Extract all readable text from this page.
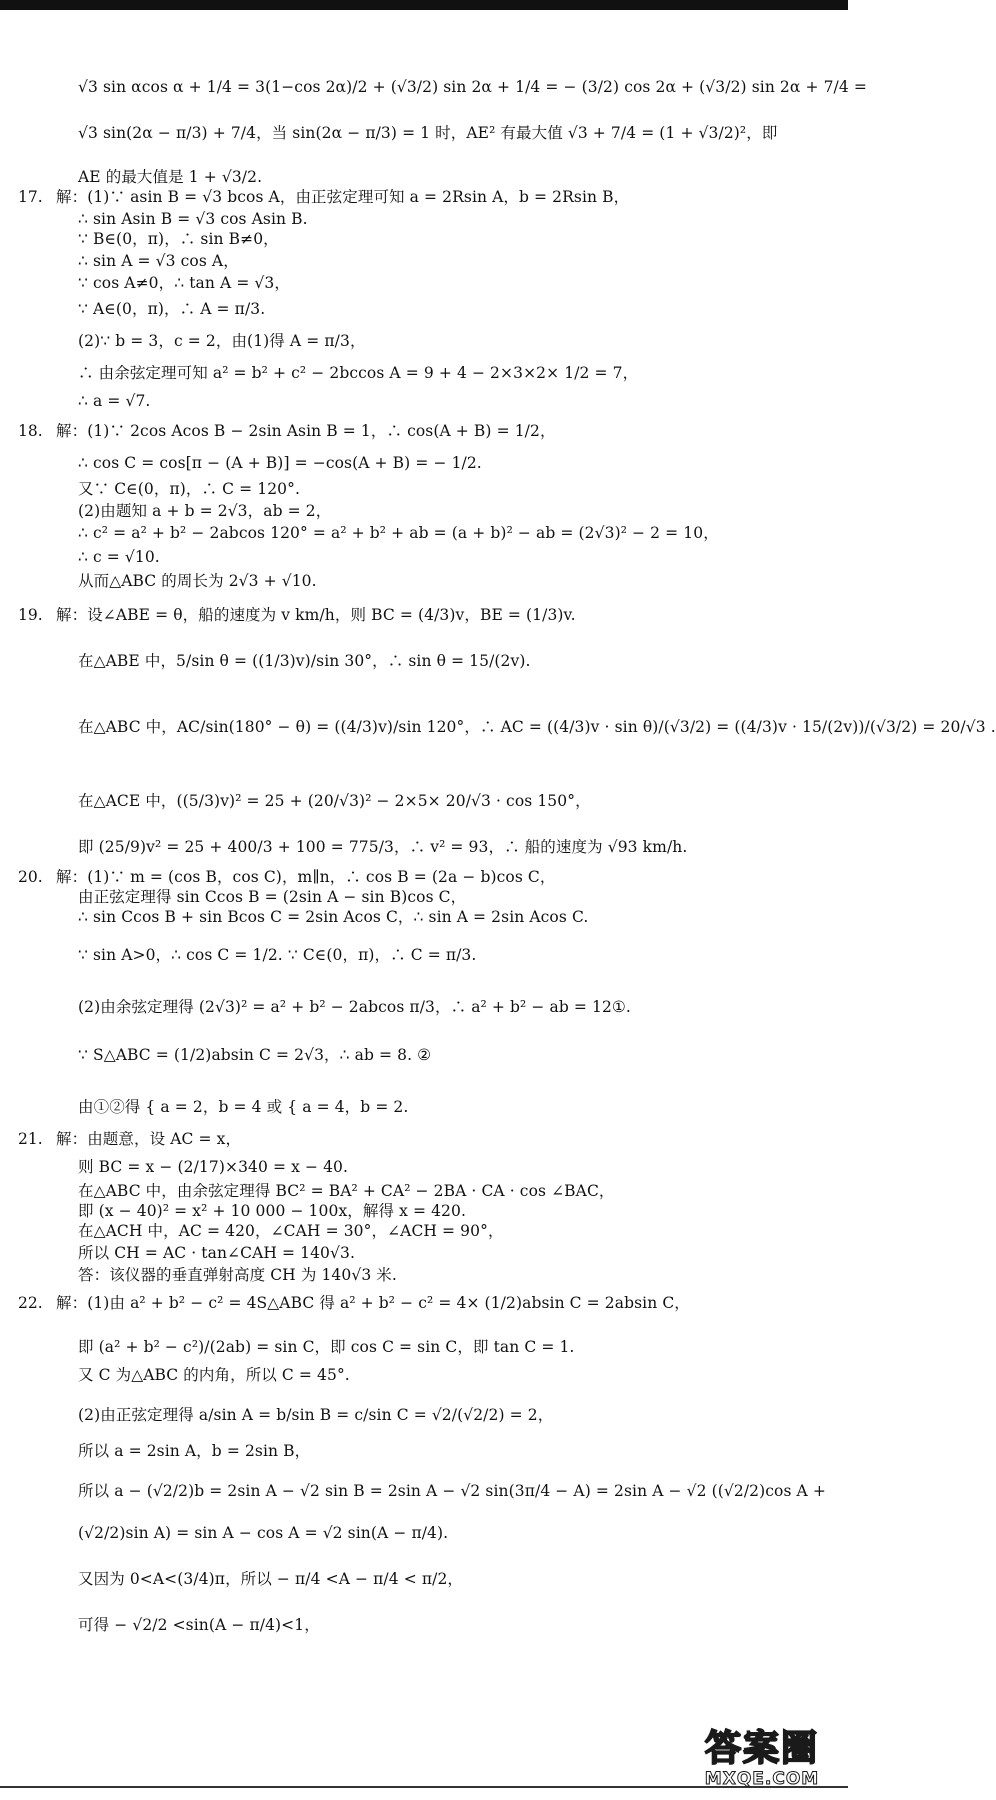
√3 sin αcos α + 1/4 = 3(1−cos 2α)/2 + (√3/2) sin 2α + 1/4 = − (3/2) cos 2α + (√3/2) sin 2α + 7/4 =
√3 sin(2α − π/3) + 7/4，当 sin(2α − π/3) = 1 时，AE² 有最大值 √3 + 7/4 = (1 + √3/2)²，即
AE 的最大值是 1 + √3/2.
17. 解：(1)∵ asin B = √3 bcos A，由正弦定理可知 a = 2Rsin A，b = 2Rsin B，
∴ sin Asin B = √3 cos Asin B.
∵ B∈(0，π)，∴ sin B≠0，
∴ sin A = √3 cos A，
∵ cos A≠0，∴ tan A = √3，
∵ A∈(0，π)，∴ A = π/3.
(2)∵ b = 3，c = 2，由(1)得 A = π/3，
∴ 由余弦定理可知 a² = b² + c² − 2bccos A = 9 + 4 − 2×3×2× 1/2 = 7，
∴ a = √7.
18. 解：(1)∵ 2cos Acos B − 2sin Asin B = 1，∴ cos(A + B) = 1/2，
∴ cos C = cos[π − (A + B)] = −cos(A + B) = − 1/2.
又∵ C∈(0，π)，∴ C = 120°.
(2)由题知 a + b = 2√3，ab = 2，
∴ c² = a² + b² − 2abcos 120° = a² + b² + ab = (a + b)² − ab = (2√3)² − 2 = 10，
∴ c = √10.
从而△ABC 的周长为 2√3 + √10.
19. 解：设∠ABE = θ，船的速度为 v km/h，则 BC = (4/3)v，BE = (1/3)v.
在△ABE 中，5/sin θ = ((1/3)v)/sin 30°，∴ sin θ = 15/(2v).
在△ABC 中，AC/sin(180° − θ) = ((4/3)v)/sin 120°，∴ AC = ((4/3)v · sin θ)/(√3/2) = ((4/3)v · 15/(2v))/(√3/2) = 20/√3 .
在△ACE 中，((5/3)v)² = 25 + (20/√3)² − 2×5× 20/√3 · cos 150°，
即 (25/9)v² = 25 + 400/3 + 100 = 775/3，∴ v² = 93，∴ 船的速度为 √93 km/h.
20. 解：(1)∵ m = (cos B，cos C)，m∥n，∴ cos B = (2a − b)cos C，
由正弦定理得 sin Ccos B = (2sin A − sin B)cos C，
∴ sin Ccos B + sin Bcos C = 2sin Acos C，∴ sin A = 2sin Acos C.
∵ sin A>0，∴ cos C = 1/2. ∵ C∈(0，π)，∴ C = π/3.
(2)由余弦定理得 (2√3)² = a² + b² − 2abcos π/3，∴ a² + b² − ab = 12①.
∵ S△ABC = (1/2)absin C = 2√3，∴ ab = 8. ②
由①②得 { a = 2，b = 4 或 { a = 4，b = 2.
21. 解：由题意，设 AC = x，
则 BC = x − (2/17)×340 = x − 40.
在△ABC 中，由余弦定理得 BC² = BA² + CA² − 2BA · CA · cos ∠BAC，
即 (x − 40)² = x² + 10 000 − 100x，解得 x = 420.
在△ACH 中，AC = 420，∠CAH = 30°，∠ACH = 90°，
所以 CH = AC · tan∠CAH = 140√3.
答：该仪器的垂直弹射高度 CH 为 140√3 米.
22. 解：(1)由 a² + b² − c² = 4S△ABC 得 a² + b² − c² = 4× (1/2)absin C = 2absin C，
即 (a² + b² − c²)/(2ab) = sin C，即 cos C = sin C，即 tan C = 1.
又 C 为△ABC 的内角，所以 C = 45°.
(2)由正弦定理得 a/sin A = b/sin B = c/sin C = √2/(√2/2) = 2，
所以 a = 2sin A，b = 2sin B，
所以 a − (√2/2)b = 2sin A − √2 sin B = 2sin A − √2 sin(3π/4 − A) = 2sin A − √2 ((√2/2)cos A +
(√2/2)sin A) = sin A − cos A = √2 sin(A − π/4).
又因为 0<A<(3/4)π，所以 − π/4 <A − π/4 < π/2，
可得 − √2/2 <sin(A − π/4)<1，
答案圈
MXQE.COM
